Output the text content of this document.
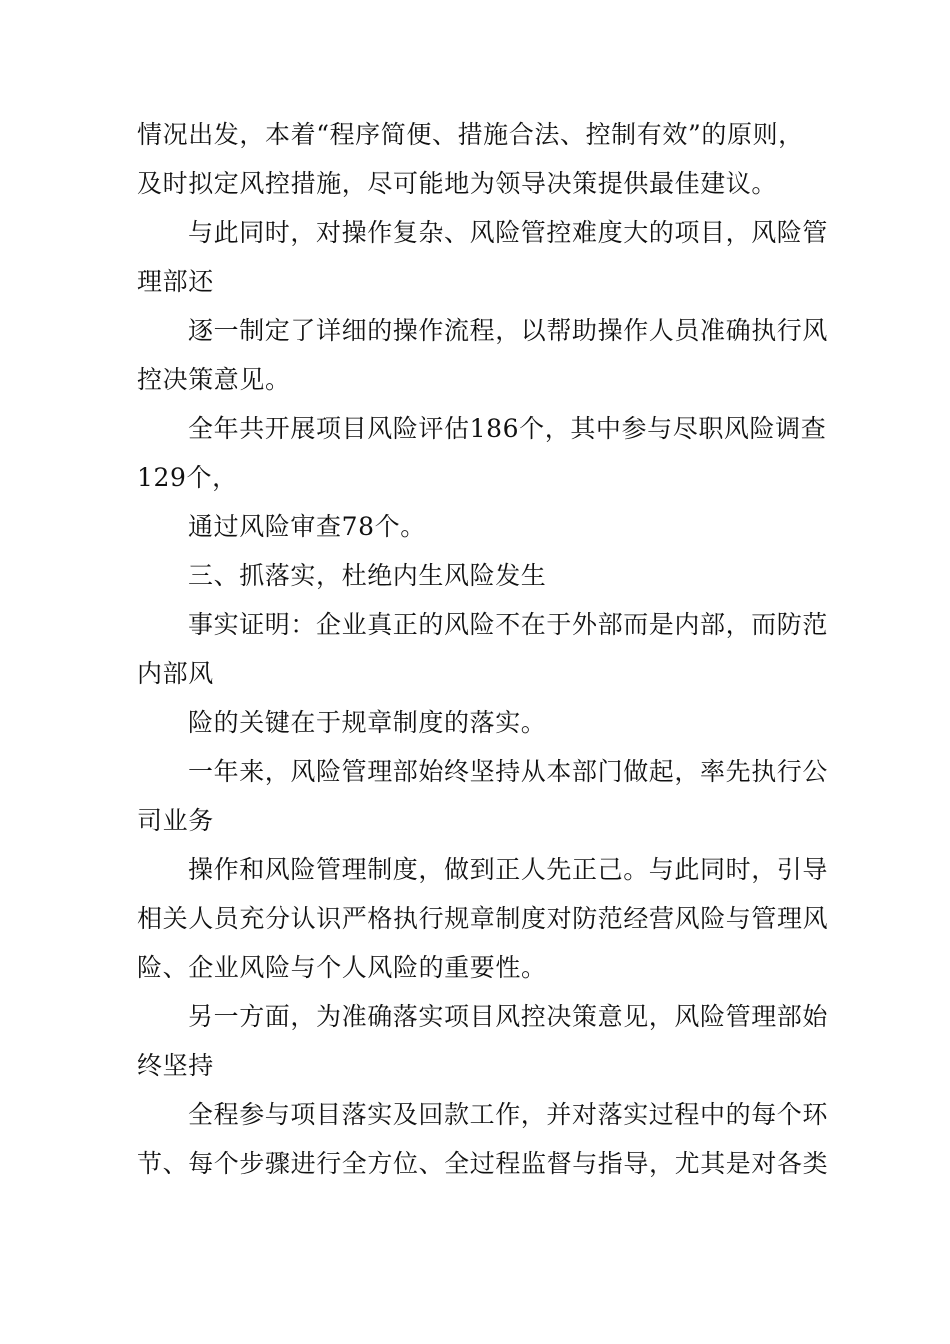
情况出发，本着“程序简便、措施合法、控制有效”的原则，
及时拟定风控措施，尽可能地为领导决策提供最佳建议。
与此同时，对操作复杂、风险管控难度大的项目，风险管
理部还
逐一制定了详细的操作流程，以帮助操作人员准确执行风
控决策意见。
全年共开展项目风险评估186个，其中参与尽职风险调查
129个，
通过风险审查78个。
三、抓落实，杜绝内生风险发生
事实证明：企业真正的风险不在于外部而是内部，而防范
内部风
险的关键在于规章制度的落实。
一年来，风险管理部始终坚持从本部门做起，率先执行公
司业务
操作和风险管理制度，做到正人先正己。与此同时，引导
相关人员充分认识严格执行规章制度对防范经营风险与管理风
险、企业风险与个人风险的重要性。
另一方面，为准确落实项目风控决策意见，风险管理部始
终坚持
全程参与项目落实及回款工作，并对落实过程中的每个环
节、每个步骤进行全方位、全过程监督与指导，尤其是对各类
